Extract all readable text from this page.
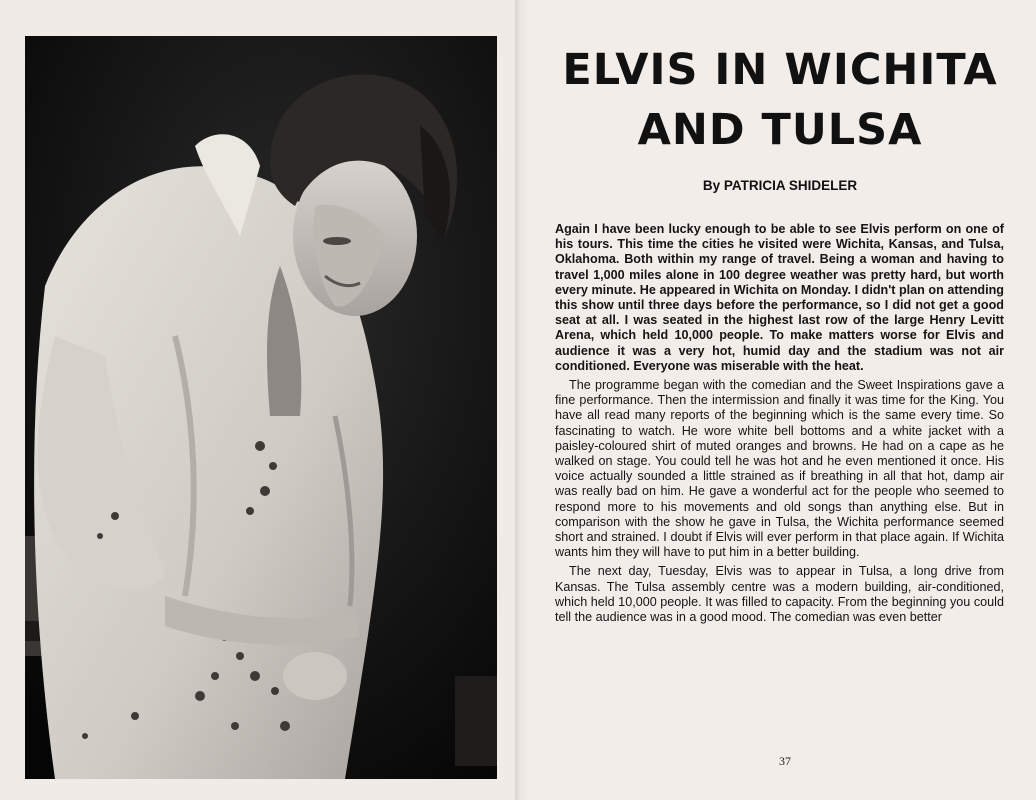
ELVIS IN WICHITA AND TULSA
By PATRICIA SHIDELER

Again I have been lucky enough to be able to see Elvis perform on one of his tours. This time the cities he visited were Wichita, Kansas, and Tulsa, Oklahoma. Both within my range of travel. Being a woman and having to travel 1,000 miles alone in 100 degree weather was pretty hard, but worth every minute. He appeared in Wichita on Monday. I didn't plan on attending this show until three days before the performance, so I did not get a good seat at all. I was seated in the highest last row of the large Henry Levitt Arena, which held 10,000 people. To make matters worse for Elvis and audience it was a very hot, humid day and the stadium was not air conditioned. Everyone was miserable with the heat.

The programme began with the comedian and the Sweet Inspirations gave a fine performance. Then the intermission and finally it was time for the King. You have all read many reports of the beginning which is the same every time. So fascinating to watch. He wore white bell bottoms and a white jacket with a paisley-coloured shirt of muted oranges and browns. He had on a cape as he walked on stage. You could tell he was hot and he even mentioned it once. His voice actually sounded a little strained as if breathing in all that hot, damp air was really bad on him. He gave a wonderful act for the people who seemed to respond more to his movements and old songs than anything else. But in comparison with the show he gave in Tulsa, the Wichita performance seemed short and strained. I doubt if Elvis will ever perform in that place again. If Wichita wants him they will have to put him in a better building.

The next day, Tuesday, Elvis was to appear in Tulsa, a long drive from Kansas. The Tulsa assembly centre was a modern building, air-conditioned, which held 10,000 people. It was filled to capacity. From the beginning you could tell the audience was in a good mood. The comedian was even better

37
